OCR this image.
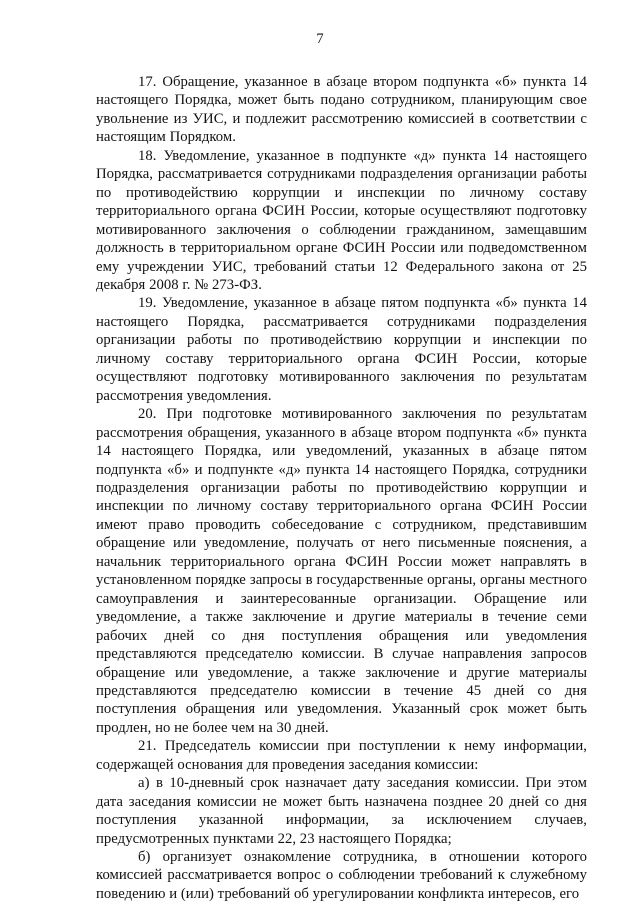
7

17. Обращение, указанное в абзаце втором подпункта «б» пункта 14 настоящего Порядка, может быть подано сотрудником, планирующим свое увольнение из УИС, и подлежит рассмотрению комиссией в соответствии с настоящим Порядком.

18. Уведомление, указанное в подпункте «д» пункта 14 настоящего Порядка, рассматривается сотрудниками подразделения организации работы по противодействию коррупции и инспекции по личному составу территориального органа ФСИН России, которые осуществляют подготовку мотивированного заключения о соблюдении гражданином, замещавшим должность в территориальном органе ФСИН России или подведомственном ему учреждении УИС, требований статьи 12 Федерального закона от 25 декабря 2008 г. № 273-ФЗ.

19. Уведомление, указанное в абзаце пятом подпункта «б» пункта 14 настоящего Порядка, рассматривается сотрудниками подразделения организации работы по противодействию коррупции и инспекции по личному составу территориального органа ФСИН России, которые осуществляют подготовку мотивированного заключения по результатам рассмотрения уведомления.

20. При подготовке мотивированного заключения по результатам рассмотрения обращения, указанного в абзаце втором подпункта «б» пункта 14 настоящего Порядка, или уведомлений, указанных в абзаце пятом подпункта «б» и подпункте «д» пункта 14 настоящего Порядка, сотрудники подразделения организации работы по противодействию коррупции и инспекции по личному составу территориального органа ФСИН России имеют право проводить собеседование с сотрудником, представившим обращение или уведомление, получать от него письменные пояснения, а начальник территориального органа ФСИН России может направлять в установленном порядке запросы в государственные органы, органы местного самоуправления и заинтересованные организации. Обращение или уведомление, а также заключение и другие материалы в течение семи рабочих дней со дня поступления обращения или уведомления представляются председателю комиссии. В случае направления запросов обращение или уведомление, а также заключение и другие материалы представляются председателю комиссии в течение 45 дней со дня поступления обращения или уведомления. Указанный срок может быть продлен, но не более чем на 30 дней.

21. Председатель комиссии при поступлении к нему информации, содержащей основания для проведения заседания комиссии:

а) в 10-дневный срок назначает дату заседания комиссии. При этом дата заседания комиссии не может быть назначена позднее 20 дней со дня поступления указанной информации, за исключением случаев, предусмотренных пунктами 22, 23 настоящего Порядка;

б) организует ознакомление сотрудника, в отношении которого комиссией рассматривается вопрос о соблюдении требований к служебному поведению и (или) требований об урегулировании конфликта интересов, его
